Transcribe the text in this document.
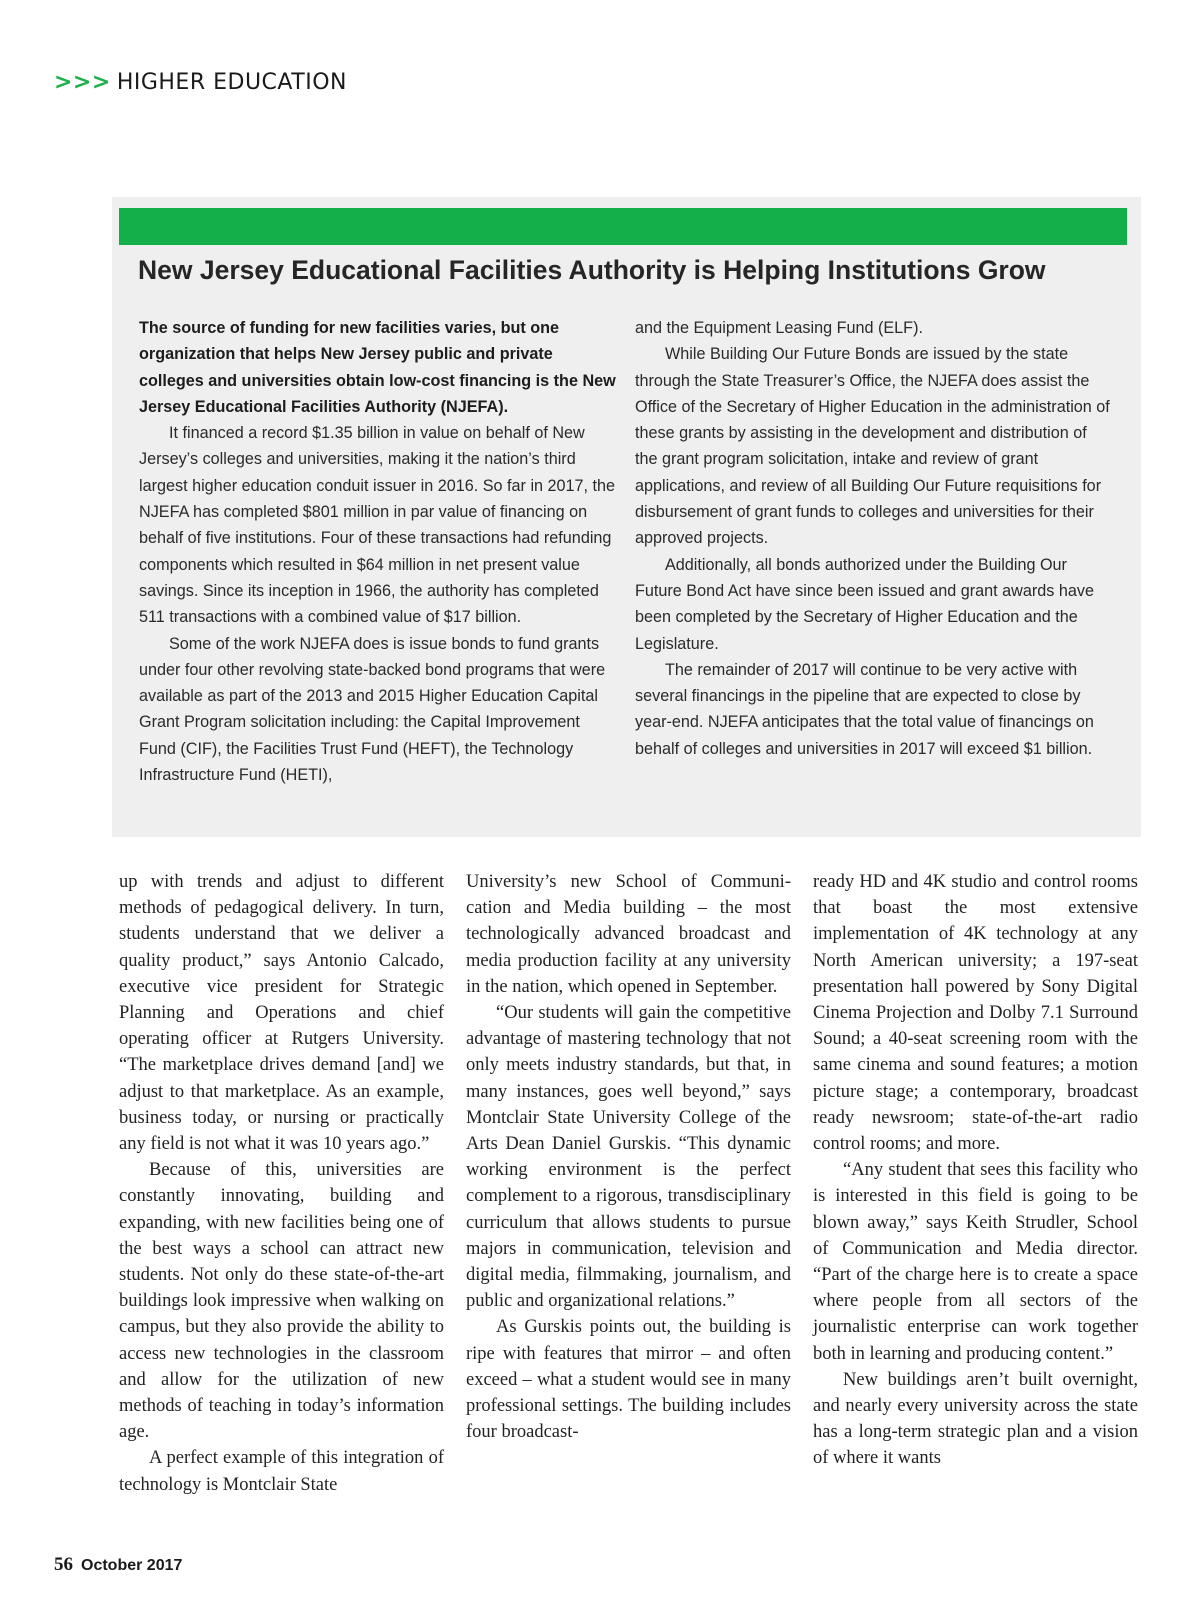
>>> HIGHER EDUCATION
New Jersey Educational Facilities Authority is Helping Institutions Grow

The source of funding for new facilities varies, but one organization that helps New Jersey public and private colleges and universities obtain low-cost financing is the New Jersey Educational Facilities Authority (NJEFA).

It financed a record $1.35 billion in value on behalf of New Jersey’s colleges and universities, making it the nation’s third largest higher education conduit issuer in 2016. So far in 2017, the NJEFA has completed $801 million in par value of financing on behalf of five institutions. Four of these transactions had refunding components which resulted in $64 million in net present value savings. Since its inception in 1966, the authority has completed 511 transactions with a combined value of $17 billion.

Some of the work NJEFA does is issue bonds to fund grants under four other revolving state-backed bond programs that were available as part of the 2013 and 2015 Higher Education Capital Grant Program solicitation including: the Capital Improvement Fund (CIF), the Facilities Trust Fund (HEFT), the Technology Infrastructure Fund (HETI),

and the Equipment Leasing Fund (ELF).

While Building Our Future Bonds are issued by the state through the State Treasurer’s Office, the NJEFA does assist the Office of the Secretary of Higher Education in the administration of these grants by assisting in the development and distribution of the grant program solicitation, intake and review of grant applications, and review of all Building Our Future requisitions for disbursement of grant funds to colleges and universities for their approved projects.

Additionally, all bonds authorized under the Building Our Future Bond Act have since been issued and grant awards have been completed by the Secretary of Higher Education and the Legislature.

The remainder of 2017 will continue to be very active with several financings in the pipeline that are expected to close by year-end. NJEFA anticipates that the total value of financings on behalf of colleges and universities in 2017 will exceed $1 billion.

up with trends and adjust to different methods of pedagogical delivery. In turn, students understand that we deliver a quality product,” says Antonio Calcado, executive vice president for Strategic Planning and Operations and chief operating officer at Rutgers University. “The marketplace drives demand [and] we adjust to that marketplace. As an example, business today, or nursing or practically any field is not what it was 10 years ago.”

Because of this, universities are constantly innovating, building and expanding, with new facilities being one of the best ways a school can attract new students. Not only do these state-of-the-art buildings look impressive when walking on campus, but they also provide the ability to access new technologies in the classroom and allow for the utilization of new methods of teaching in today’s information age.

A perfect example of this integration of technology is Montclair State

University’s new School of Communication and Media building – the most technologically advanced broadcast and media production facility at any university in the nation, which opened in September.

“Our students will gain the competitive advantage of mastering technology that not only meets industry standards, but that, in many instances, goes well beyond,” says Montclair State University College of the Arts Dean Daniel Gurskis. “This dynamic working environment is the perfect complement to a rigorous, transdisciplinary curriculum that allows students to pursue majors in communication, television and digital media, filmmaking, journalism, and public and organizational relations.”

As Gurskis points out, the building is ripe with features that mirror – and often exceed – what a student would see in many professional settings. The building includes four broadcast-

ready HD and 4K studio and control rooms that boast the most extensive implementation of 4K technology at any North American university; a 197-seat presentation hall powered by Sony Digital Cinema Projection and Dolby 7.1 Surround Sound; a 40-seat screening room with the same cinema and sound features; a motion picture stage; a contemporary, broadcast ready newsroom; state-of-the-art radio control rooms; and more.

“Any student that sees this facility who is interested in this field is going to be blown away,” says Keith Strudler, School of Communication and Media director. “Part of the charge here is to create a space where people from all sectors of the journalistic enterprise can work together both in learning and producing content.”

New buildings aren’t built overnight, and nearly every university across the state has a long-term strategic plan and a vision of where it wants

56 October 2017
